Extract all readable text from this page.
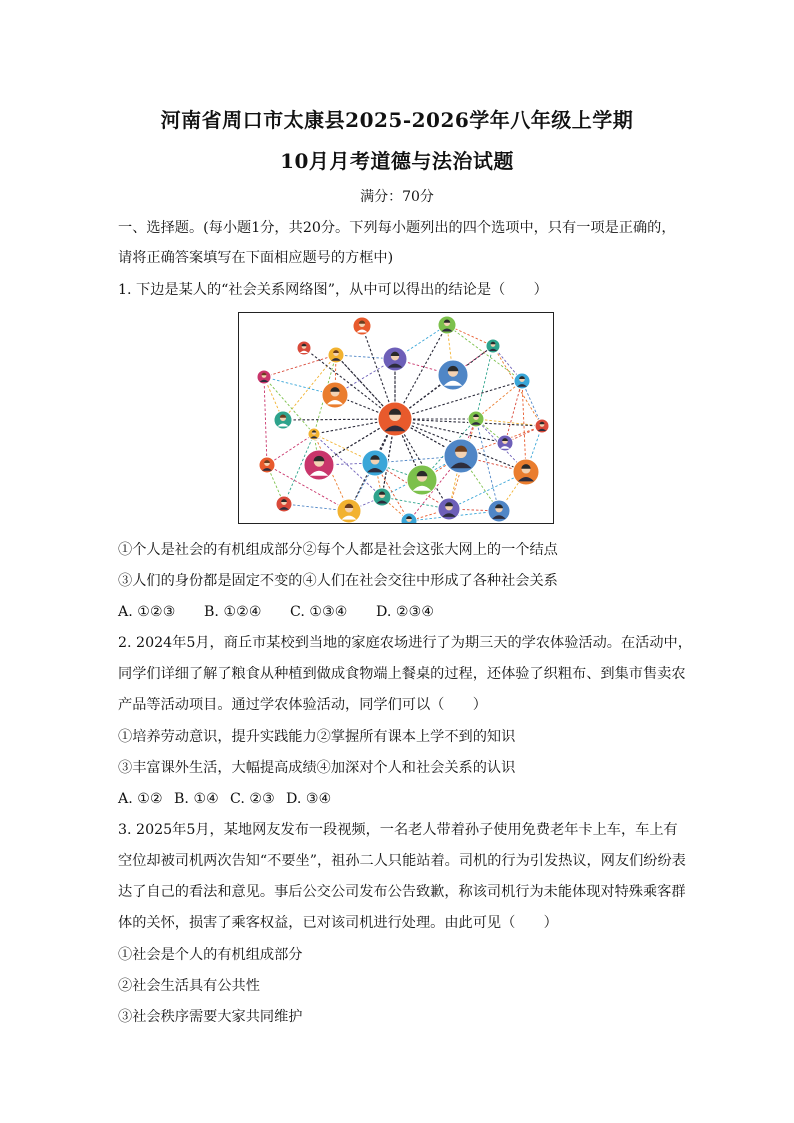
河南省周口市太康县2025-2026学年八年级上学期
10月月考道德与法治试题
满分：70分
一、选择题。(每小题1分，共20分。下列每小题列出的四个选项中，只有一项是正确的，
请将正确答案填写在下面相应题号的方框中)
1. 下边是某人的“社会关系网络图”，从中可以得出的结论是（　　）
①个人是社会的有机组成部分②每个人都是社会这张大网上的一个结点
③人们的身份都是固定不变的④人们在社会交往中形成了各种社会关系
A. ①②③ B. ①②④ C. ①③④ D. ②③④
2. 2024年5月，商丘市某校到当地的家庭农场进行了为期三天的学农体验活动。在活动中，
同学们详细了解了粮食从种植到做成食物端上餐桌的过程，还体验了织粗布、到集市售卖农
产品等活动项目。通过学农体验活动，同学们可以（　　）
①培养劳动意识，提升实践能力②掌握所有课本上学不到的知识
③丰富课外生活，大幅提高成绩④加深对个人和社会关系的认识
A. ①② B. ①④ C. ②③ D. ③④
3. 2025年5月，某地网友发布一段视频，一名老人带着孙子使用免费老年卡上车，车上有
空位却被司机两次告知“不要坐”，祖孙二人只能站着。司机的行为引发热议，网友们纷纷表
达了自己的看法和意见。事后公交公司发布公告致歉，称该司机行为未能体现对特殊乘客群
体的关怀，损害了乘客权益，已对该司机进行处理。由此可见（　　）
①社会是个人的有机组成部分
②社会生活具有公共性
③社会秩序需要大家共同维护
